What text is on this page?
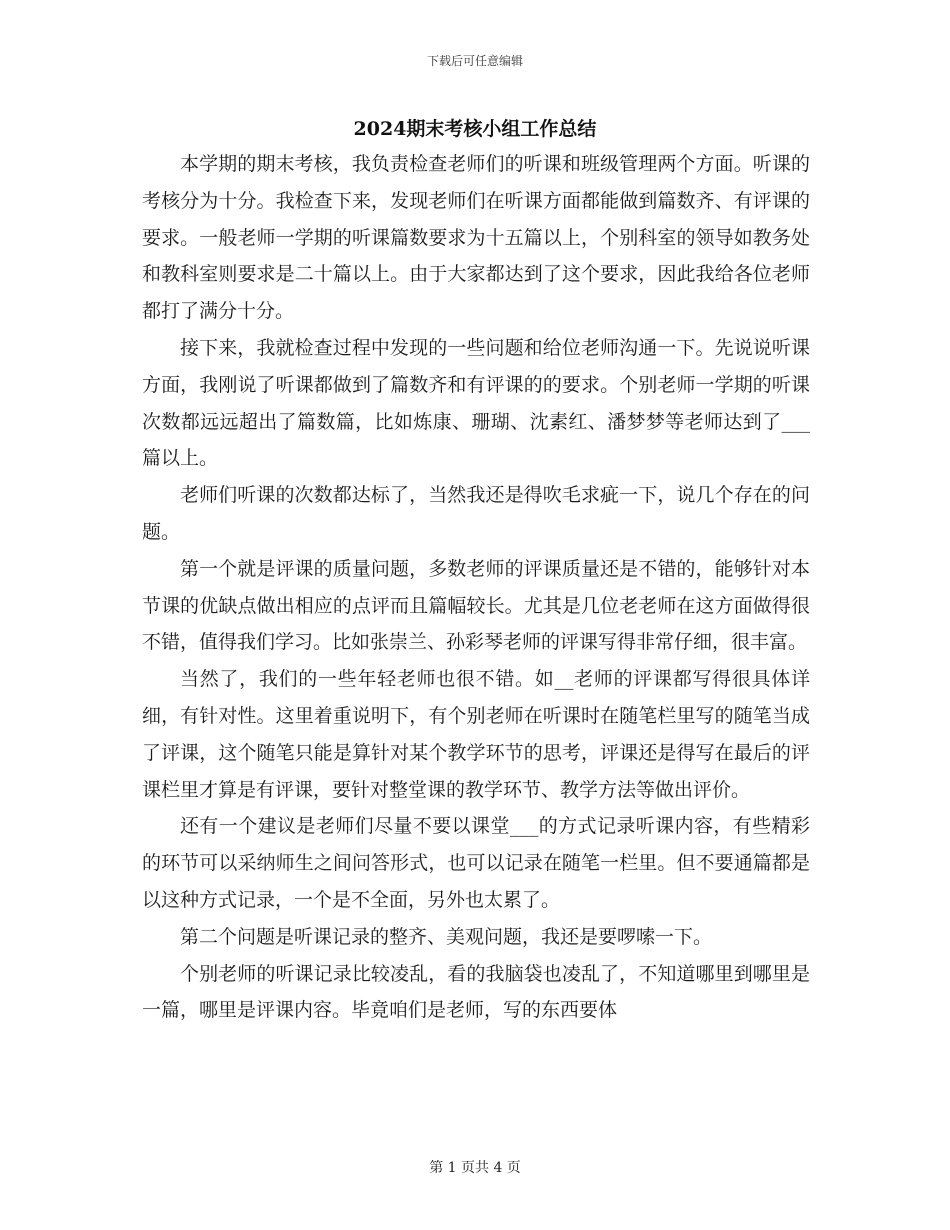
下载后可任意编辑
2024期末考核小组工作总结

本学期的期末考核，我负责检查老师们的听课和班级管理两个方面。听课的考核分为十分。我检查下来，发现老师们在听课方面都能做到篇数齐、有评课的要求。一般老师一学期的听课篇数要求为十五篇以上，个别科室的领导如教务处和教科室则要求是二十篇以上。由于大家都达到了这个要求，因此我给各位老师都打了满分十分。

接下来，我就检查过程中发现的一些问题和给位老师沟通一下。先说说听课方面，我刚说了听课都做到了篇数齐和有评课的的要求。个别老师一学期的听课次数都远远超出了篇数篇，比如炼康、珊瑚、沈素红、潘梦梦等老师达到了___篇以上。

老师们听课的次数都达标了，当然我还是得吹毛求疵一下，说几个存在的问题。

第一个就是评课的质量问题，多数老师的评课质量还是不错的，能够针对本节课的优缺点做出相应的点评而且篇幅较长。尤其是几位老老师在这方面做得很不错，值得我们学习。比如张崇兰、孙彩琴老师的评课写得非常仔细，很丰富。

当然了，我们的一些年轻老师也很不错。如__老师的评课都写得很具体详细，有针对性。这里着重说明下，有个别老师在听课时在随笔栏里写的随笔当成了评课，这个随笔只能是算针对某个教学环节的思考，评课还是得写在最后的评课栏里才算是有评课，要针对整堂课的教学环节、教学方法等做出评价。

还有一个建议是老师们尽量不要以课堂___的方式记录听课内容，有些精彩的环节可以采纳师生之间问答形式，也可以记录在随笔一栏里。但不要通篇都是以这种方式记录，一个是不全面，另外也太累了。

第二个问题是听课记录的整齐、美观问题，我还是要啰嗦一下。

个别老师的听课记录比较凌乱，看的我脑袋也凌乱了，不知道哪里到哪里是一篇，哪里是评课内容。毕竟咱们是老师，写的东西要体

第 1 页共 4 页
